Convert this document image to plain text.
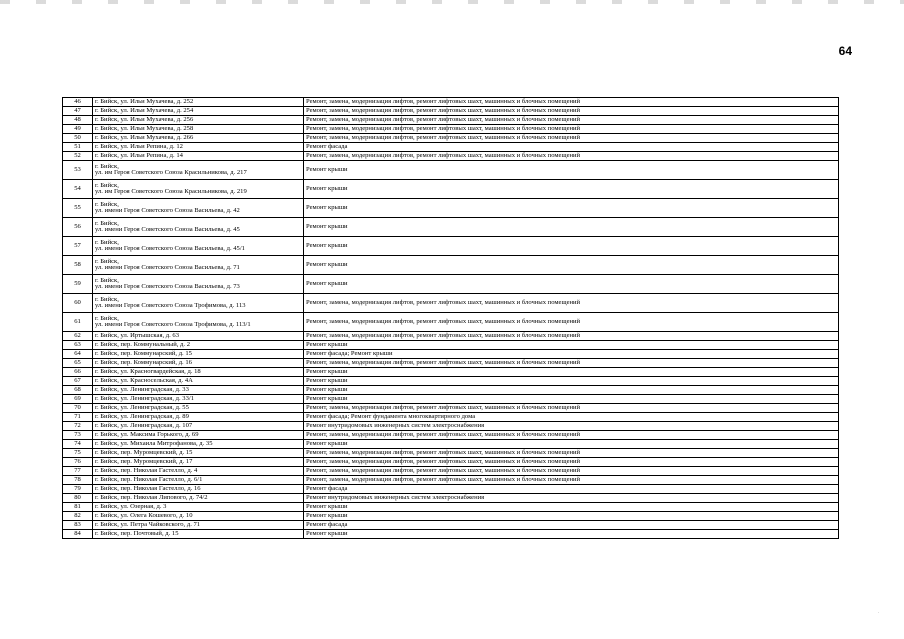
64
46	г. Бийск, ул. Ильи Мухачева, д. 252	Ремонт, замена, модернизация лифтов, ремонт лифтовых шахт, машинных и блочных помещений
47	г. Бийск, ул. Ильи Мухачева, д. 254	Ремонт, замена, модернизация лифтов, ремонт лифтовых шахт, машинных и блочных помещений
48	г. Бийск, ул. Ильи Мухачева, д. 256	Ремонт, замена, модернизация лифтов, ремонт лифтовых шахт, машинных и блочных помещений
49	г. Бийск, ул. Ильи Мухачева, д. 258	Ремонт, замена, модернизация лифтов, ремонт лифтовых шахт, машинных и блочных помещений
50	г. Бийск, ул. Ильи Мухачева, д. 266	Ремонт, замена, модернизация лифтов, ремонт лифтовых шахт, машинных и блочных помещений
51	г. Бийск, ул. Ильи Репина, д. 12	Ремонт фасада
52	г. Бийск, ул. Ильи Репина, д. 14	Ремонт, замена, модернизация лифтов, ремонт лифтовых шахт, машинных и блочных помещений
53	г. Бийск,
ул. им Героя Советского Союза Красильникова, д. 217	Ремонт крыши
54	г. Бийск,
ул. им Героя Советского Союза Красильникова, д. 219	Ремонт крыши
55	г. Бийск,
ул. имени Героя Советского Союза Васильева, д. 42	Ремонт крыши
56	г. Бийск,
ул. имени Героя Советского Союза Васильева, д. 45	Ремонт крыши
57	г. Бийск,
ул. имени Героя Советского Союза Васильева, д. 45/1	Ремонт крыши
58	г. Бийск,
ул. имени Героя Советского Союза Васильева, д. 71	Ремонт крыши
59	г. Бийск,
ул. имени Героя Советского Союза Васильева, д. 73	Ремонт крыши
60	г. Бийск,
ул. имени Героя Советского Союза Трофимова, д. 113	Ремонт, замена, модернизация лифтов, ремонт лифтовых шахт, машинных и блочных помещений
61	г. Бийск,
ул. имени Героя Советского Союза Трофимова, д. 113/1	Ремонт, замена, модернизация лифтов, ремонт лифтовых шахт, машинных и блочных помещений
62	г. Бийск, ул. Иртышская, д. 63	Ремонт, замена, модернизация лифтов, ремонт лифтовых шахт, машинных и блочных помещений
63	г. Бийск, пер. Коммунальный, д. 2	Ремонт крыши
64	г. Бийск, пер. Коммунарский, д. 15	Ремонт фасада; Ремонт крыши
65	г. Бийск, пер. Коммунарский, д. 16	Ремонт, замена, модернизация лифтов, ремонт лифтовых шахт, машинных и блочных помещений
66	г. Бийск, ул. Красногвардейская, д. 18	Ремонт крыши
67	г. Бийск, ул. Красносельская, д. 4А	Ремонт крыши
68	г. Бийск, ул. Ленинградская, д. 33	Ремонт крыши
69	г. Бийск, ул. Ленинградская, д. 33/1	Ремонт крыши
70	г. Бийск, ул. Ленинградская, д. 55	Ремонт, замена, модернизация лифтов, ремонт лифтовых шахт, машинных и блочных помещений
71	г. Бийск, ул. Ленинградская, д. 89	Ремонт фасада; Ремонт фундамента многоквартирного дома
72	г. Бийск, ул. Ленинградская, д. 107	Ремонт внутридомовых инженерных систем электроснабжения
73	г. Бийск, ул. Максима Горького, д. 69	Ремонт, замена, модернизация лифтов, ремонт лифтовых шахт, машинных и блочных помещений
74	г. Бийск, ул. Михаила Митрофанова, д. 35	Ремонт крыши
75	г. Бийск, пер. Муромцевский, д. 15	Ремонт, замена, модернизация лифтов, ремонт лифтовых шахт, машинных и блочных помещений
76	г. Бийск, пер. Муромцевский, д. 17	Ремонт, замена, модернизация лифтов, ремонт лифтовых шахт, машинных и блочных помещений
77	г. Бийск, пер. Николая Гастелло, д. 4	Ремонт, замена, модернизация лифтов, ремонт лифтовых шахт, машинных и блочных помещений
78	г. Бийск, пер. Николая Гастелло, д. 6/1	Ремонт, замена, модернизация лифтов, ремонт лифтовых шахт, машинных и блочных помещений
79	г. Бийск, пер. Николая Гастелло, д. 16	Ремонт фасада
80	г. Бийск, пер. Николая Липового, д. 74/2	Ремонт внутридомовых инженерных систем электроснабжения
81	г. Бийск, ул. Озерная, д. 3	Ремонт крыши
82	г. Бийск, ул. Олега Кошевого, д. 10	Ремонт крыши
83	г. Бийск, ул. Петра Чайковского, д. 71	Ремонт фасада
84	г. Бийск, пер. Почтовый, д. 15	Ремонт крыши
.
